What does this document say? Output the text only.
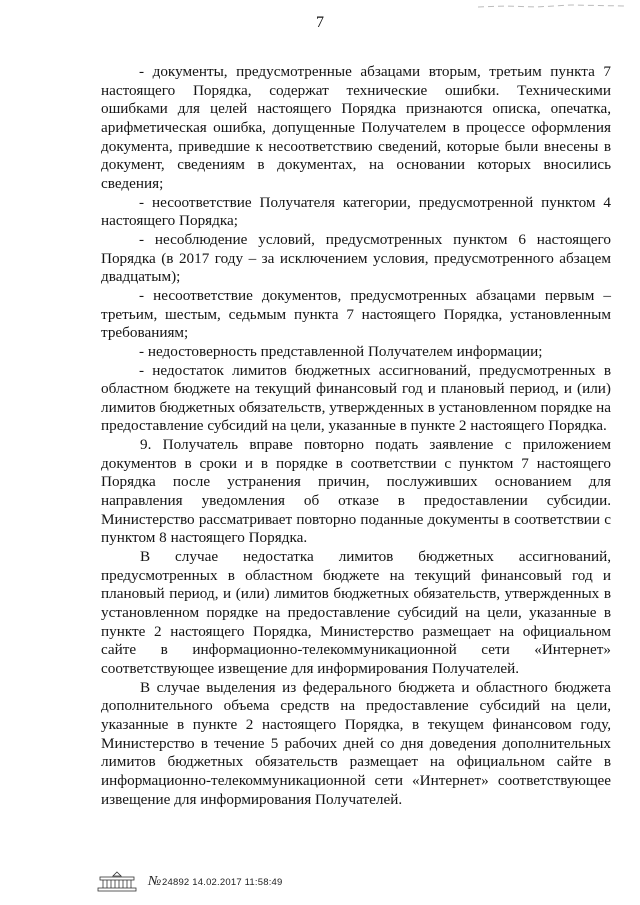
7

- документы, предусмотренные абзацами вторым, третьим пункта 7 настоящего Порядка, содержат технические ошибки. Техническими ошибками для целей настоящего Порядка признаются описка, опечатка, арифметическая ошибка, допущенные Получателем в процессе оформления документа, приведшие к несоответствию сведений, которые были внесены в документ, сведениям в документах, на основании которых вносились сведения;

- несоответствие Получателя категории, предусмотренной пунктом 4 настоящего Порядка;

- несоблюдение условий, предусмотренных пунктом 6 настоящего Порядка (в 2017 году – за исключением условия, предусмотренного абзацем двадцатым);

- несоответствие документов, предусмотренных абзацами первым – третьим, шестым, седьмым пункта 7 настоящего Порядка, установленным требованиям;

- недостоверность представленной Получателем информации;

- недостаток лимитов бюджетных ассигнований, предусмотренных в областном бюджете на текущий финансовый год и плановый период, и (или) лимитов бюджетных обязательств, утвержденных в установленном порядке на предоставление субсидий на цели, указанные в пункте 2 настоящего Порядка.

9. Получатель вправе повторно подать заявление с приложением документов в сроки и в порядке в соответствии с пунктом 7 настоящего Порядка после устранения причин, послуживших основанием для направления уведомления об отказе в предоставлении субсидии. Министерство рассматривает повторно поданные документы в соответствии с пунктом 8 настоящего Порядка.

В случае недостатка лимитов бюджетных ассигнований, предусмотренных в областном бюджете на текущий финансовый год и плановый период, и (или) лимитов бюджетных обязательств, утвержденных в установленном порядке на предоставление субсидий на цели, указанные в пункте 2 настоящего Порядка, Министерство размещает на официальном сайте в информационно-телекоммуникационной сети «Интернет» соответствующее извещение для информирования Получателей.

В случае выделения из федерального бюджета и областного бюджета дополнительного объема средств на предоставление субсидий на цели, указанные в пункте 2 настоящего Порядка, в текущем финансовом году, Министерство в течение 5 рабочих дней со дня доведения дополнительных лимитов бюджетных обязательств размещает на официальном сайте в информационно-телекоммуникационной сети «Интернет» соответствующее извещение для информирования Получателей.

№ 24892 14.02.2017 11:58:49
